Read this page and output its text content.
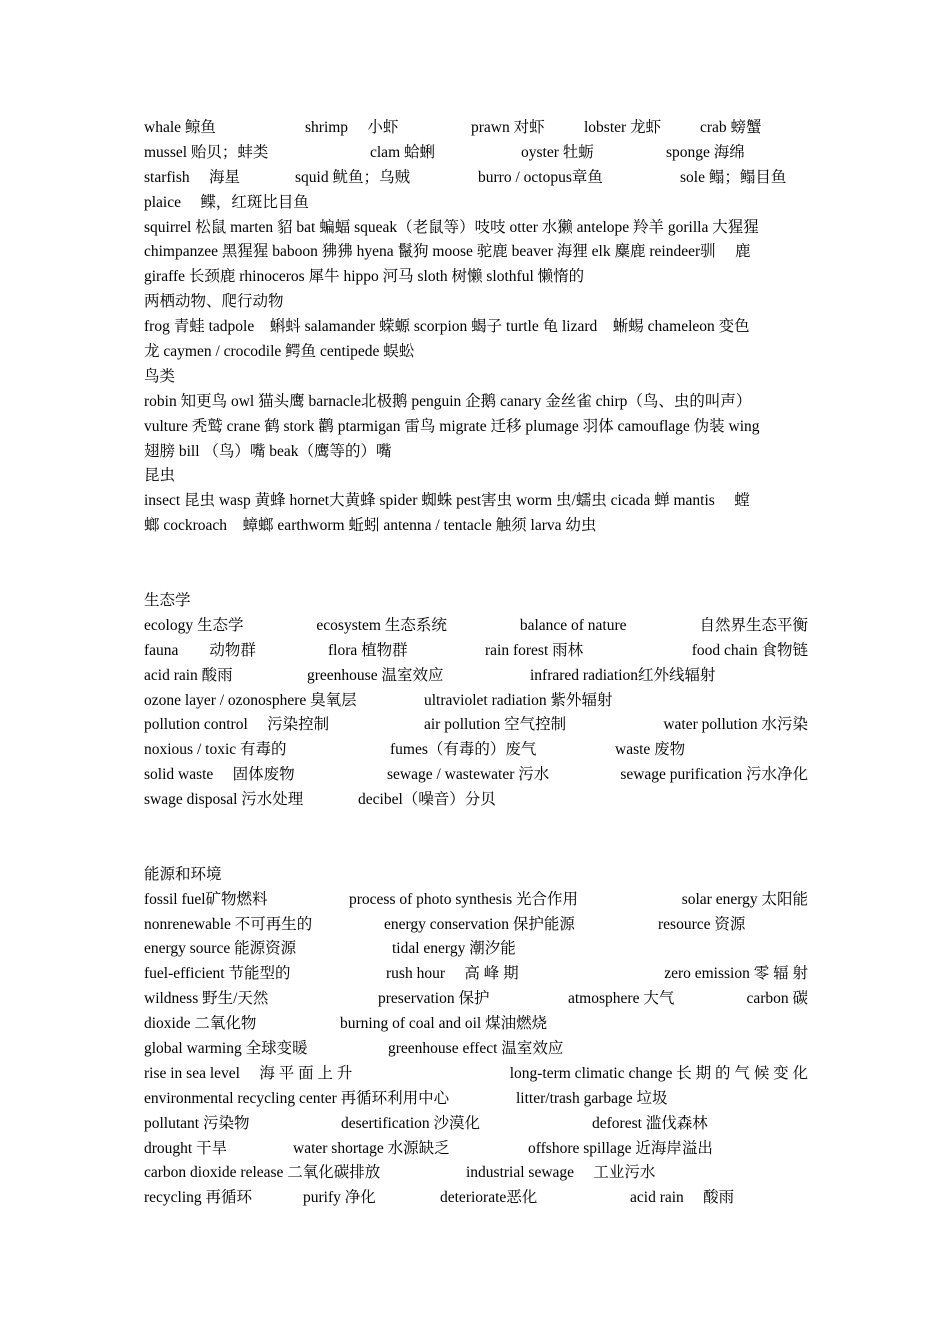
whale 鲸鱼	shrimp　 小虾	prawn 对虾	lobster 龙虾	crab 螃蟹
mussel 贻贝；蚌类	clam 蛤蜊	oyster 牡蛎	sponge 海绵
starfish　 海星	squid 鱿鱼；乌贼	burro / octopus章鱼	sole 鳎；鳎目鱼
plaice　 鲽，红斑比目鱼
squirrel 松鼠 marten 貂 bat 蝙蝠 squeak（老鼠等）吱吱 otter 水獭 antelope 羚羊 gorilla 大猩猩
chimpanzee 黑猩猩 baboon 狒狒 hyena 鬣狗 moose 驼鹿 beaver 海狸 elk 麋鹿 reindeer驯　 鹿
giraffe 长颈鹿 rhinoceros 犀牛 hippo 河马 sloth 树懒 slothful 懒惰的
两栖动物、爬行动物
frog 青蛙 tadpole　蝌蚪 salamander 蝾螈 scorpion 蝎子 turtle 龟 lizard　蜥蜴 chameleon 变色
龙 caymen / crocodile 鳄鱼 centipede 蜈蚣
鸟类
robin 知更鸟 owl 猫头鹰 barnacle北极鹅 penguin 企鹅 canary 金丝雀 chirp（鸟、虫的叫声）
vulture 秃鹫 crane 鹤 stork 鹳 ptarmigan 雷鸟 migrate 迁移 plumage 羽体 camouflage 伪装 wing
翅膀 bill （鸟）嘴 beak（鹰等的）嘴
昆虫
insect 昆虫 wasp 黄蜂 hornet大黄蜂 spider 蜘蛛 pest害虫 worm 虫/蠕虫 cicada 蝉 mantis　 螳
螂 cockroach　蟑螂 earthworm 蚯蚓 antenna / tentacle 触须 larva 幼虫
生态学
ecology 生态学	ecosystem 生态系统	balance of nature	自然界生态平衡
fauna　　动物群	flora 植物群	rain forest 雨林	food chain 食物链
acid rain 酸雨	greenhouse 温室效应	infrared radiation红外线辐射
ozone layer / ozonosphere 臭氧层	ultraviolet radiation 紫外辐射
pollution control　 污染控制	air pollution 空气控制	water pollution 水污染
noxious / toxic 有毒的	fumes（有毒的）废气	waste 废物
solid waste　 固体废物	sewage / wastewater 污水	sewage purification 污水净化
swage disposal 污水处理	decibel（噪音）分贝
能源和环境
fossil fuel矿物燃料	process of photo synthesis 光合作用	solar energy 太阳能
nonrenewable 不可再生的	energy conservation 保护能源	resource 资源
energy source 能源资源	tidal energy 潮汐能
fuel-efficient 节能型的	rush hour　 高 峰 期	zero emission 零 辐 射
wildness 野生/天然	preservation 保护	atmosphere 大气	carbon 碳
dioxide 二氧化物	burning of coal and oil 煤油燃烧
global warming 全球变暖	greenhouse effect 温室效应
rise in sea level　 海 平 面 上 升	long-term climatic change 长 期 的 气 候 变 化
environmental recycling center 再循环利用中心	litter/trash garbage 垃圾
pollutant 污染物	desertification 沙漠化	deforest 滥伐森林
drought 干旱	water shortage 水源缺乏	offshore spillage 近海岸溢出
carbon dioxide release 二氧化碳排放	industrial sewage　 工业污水
recycling 再循环	purify 净化	deteriorate恶化	acid rain　 酸雨
